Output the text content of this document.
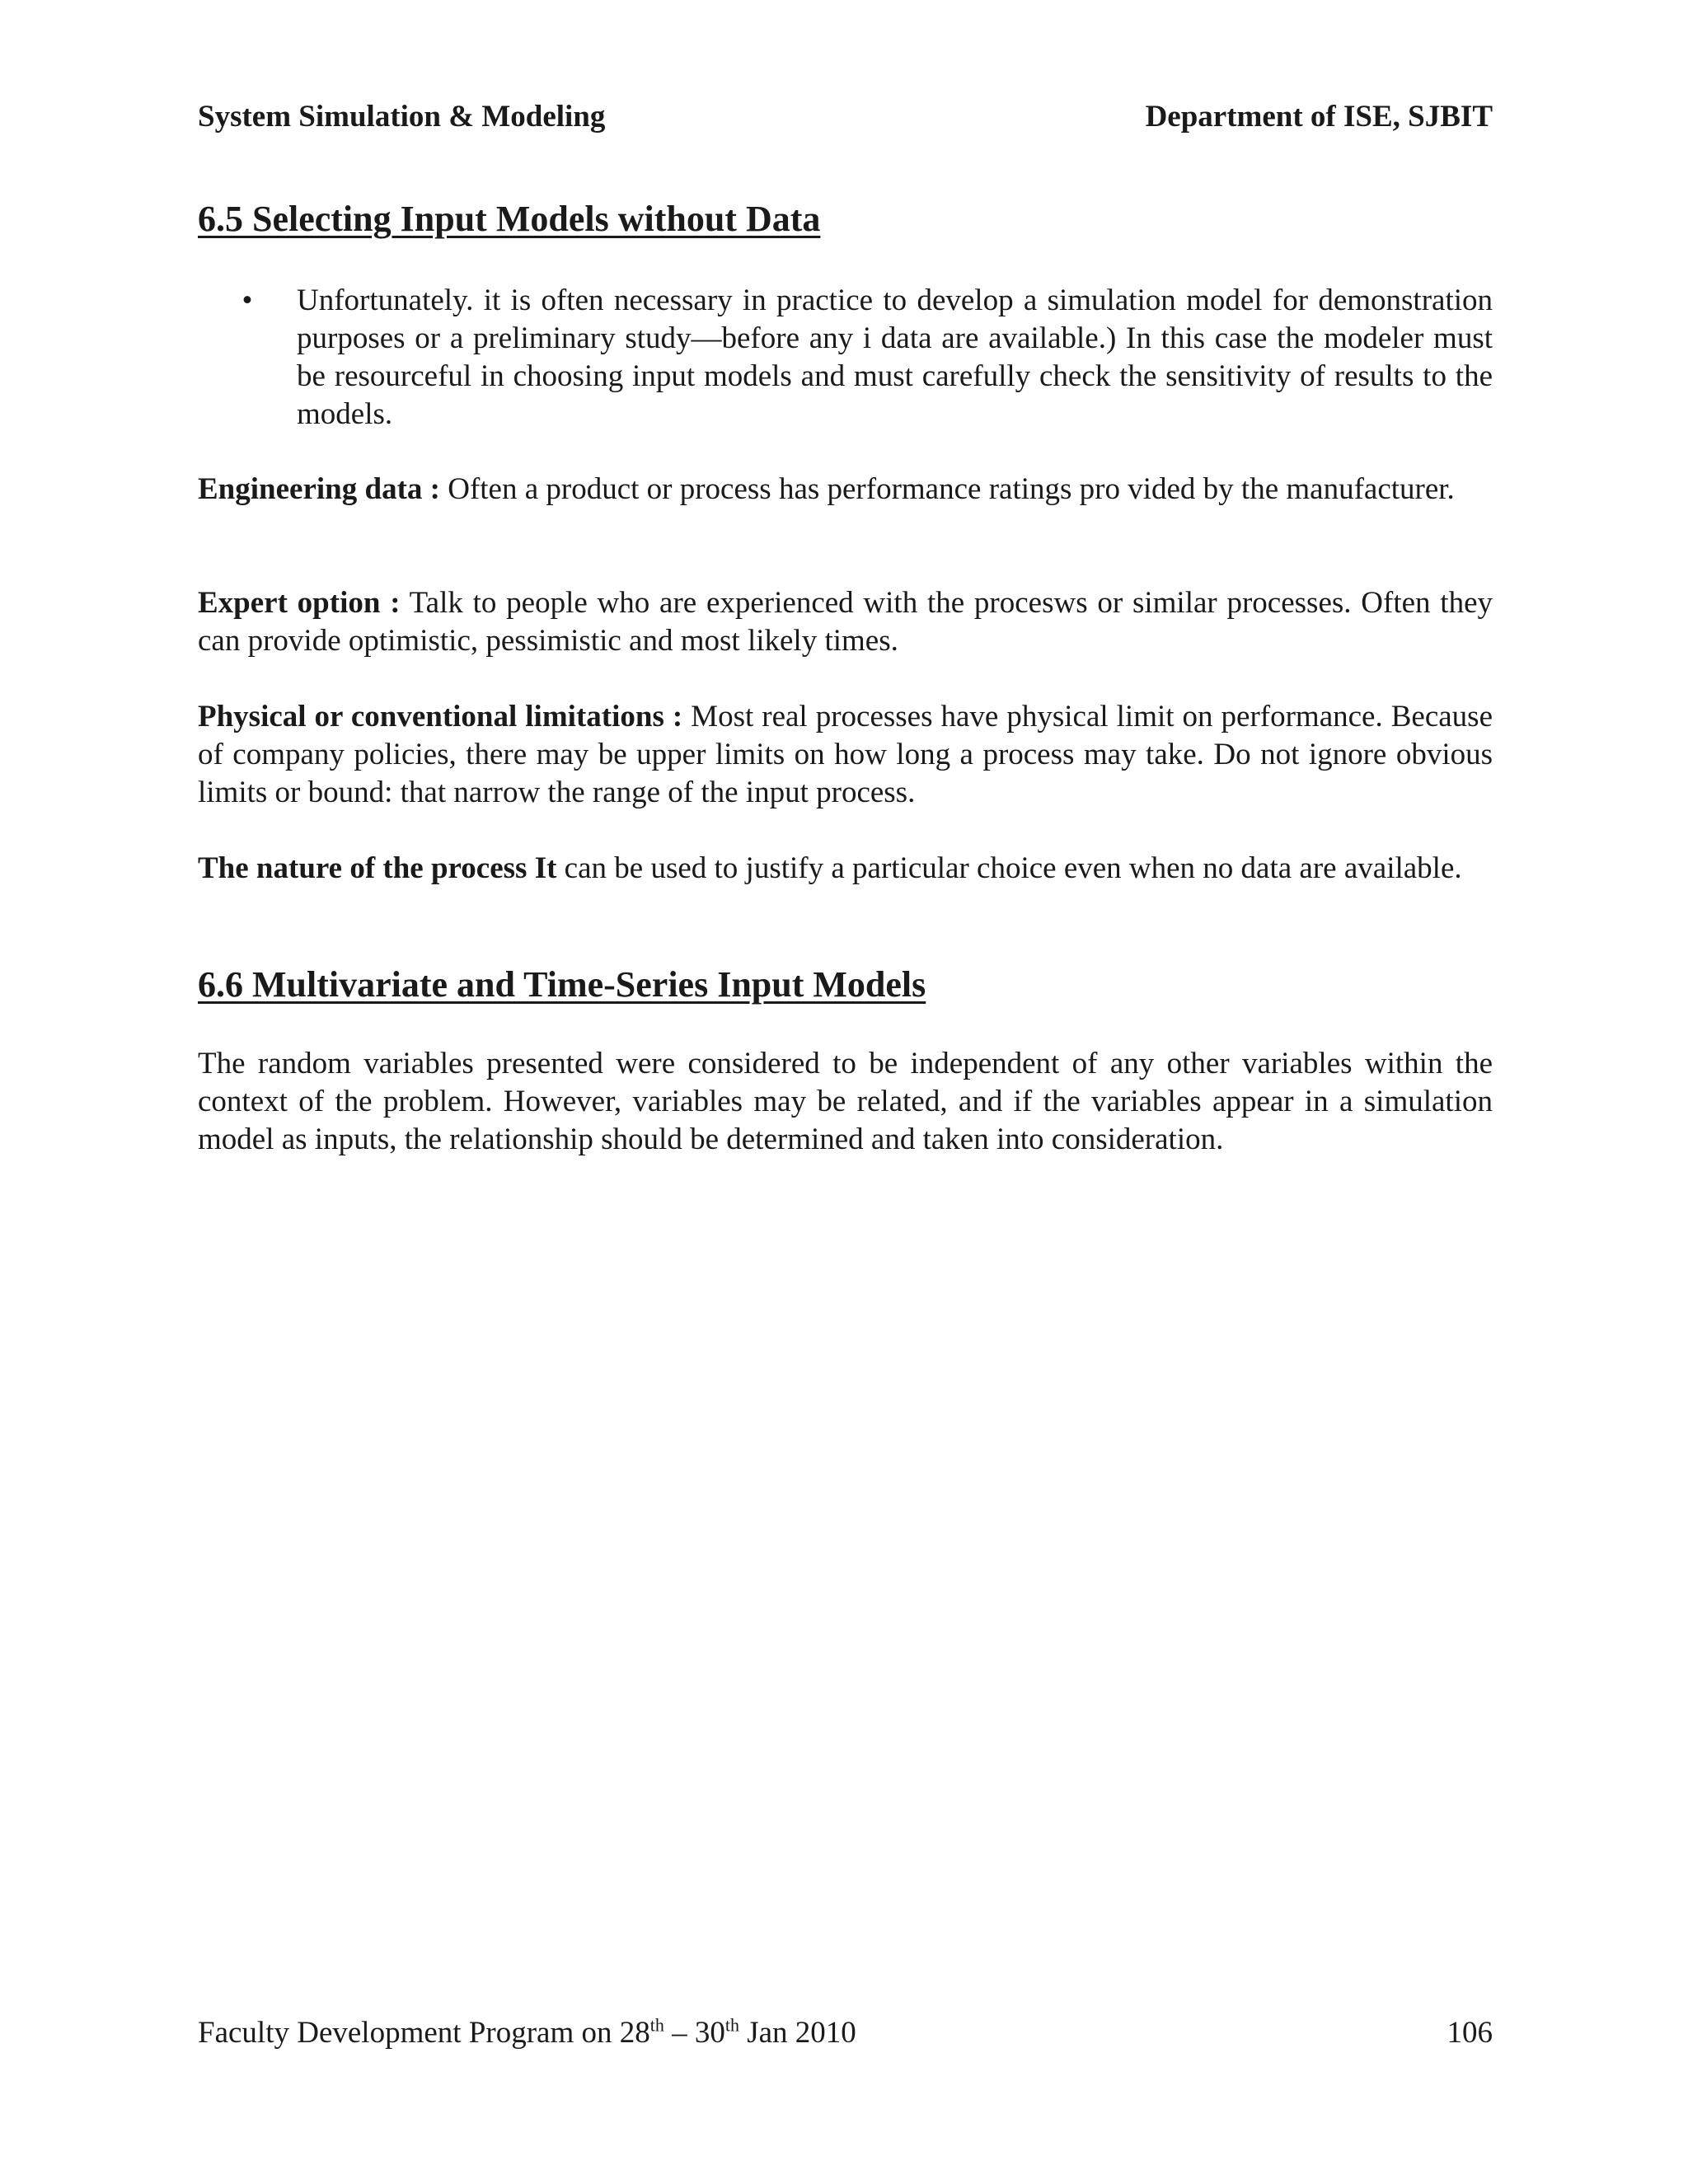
System Simulation & Modeling	Department of ISE, SJBIT
6.5 Selecting Input Models without Data
•	Unfortunately. it is often necessary in practice to develop a simulation model for demonstration purposes or a preliminary study—before any i data are available.) In this case the modeler must be resourceful in choosing input models and must carefully check the sensitivity of results to the models.

Engineering data : Often a product or process has performance ratings pro vided by the manufacturer.

Expert option : Talk to people who are experienced with the procesws or similar processes. Often they can provide optimistic, pessimistic and most likely times.

Physical or conventional limitations : Most real processes have physical limit on performance. Because of company policies, there may be upper limits on how long a process may take. Do not ignore obvious limits or bound: that narrow the range of the input process.

The nature of the process It can be used to justify a particular choice even when no data are available.

6.6 Multivariate and Time-Series Input Models

The random variables presented were considered to be independent of any other variables within the context of the problem. However, variables may be related, and if the variables appear in a simulation model as inputs, the relationship should be determined and taken into consideration.

Faculty Development Program on 28th – 30th Jan 2010	106
